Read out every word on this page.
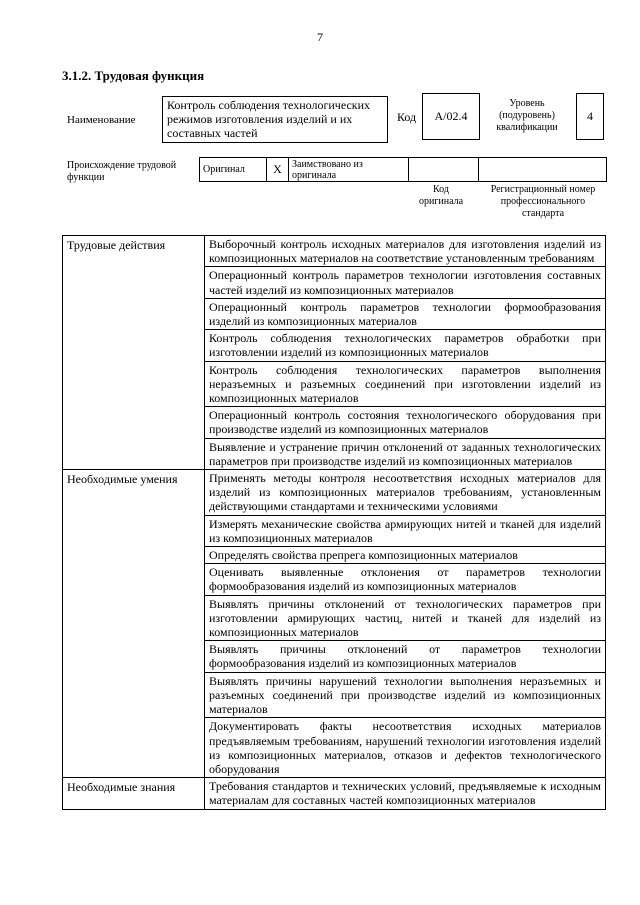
7
3.1.2. Трудовая функция
Наименование
Контроль соблюдения технологических режимов изготовления изделий и их составных частей
Код	A/02.4
Уровень (подуровень) квалификации
4
Происхождение трудовой функции
Оригинал	X	Заимствовано из оригинала		
Код оригинала
Регистрационный номер профессионального стандарта
Трудовые действия	Выборочный контроль исходных материалов для изготовления изделий из композиционных материалов на соответствие установленным требованиям
	Операционный контроль параметров технологии изготовления составных частей изделий из композиционных материалов
	Операционный контроль параметров технологии формообразования изделий из композиционных материалов
	Контроль соблюдения технологических параметров обработки при изготовлении изделий из композиционных материалов
	Контроль соблюдения технологических параметров выполнения неразъемных и разъемных соединений при изготовлении изделий из композиционных материалов
	Операционный контроль состояния технологического оборудования при производстве изделий из композиционных материалов
	Выявление и устранение причин отклонений от заданных технологических параметров при производстве изделий из композиционных материалов
Необходимые умения	Применять методы контроля несоответствия исходных материалов для изделий из композиционных материалов требованиям, установленным действующими стандартами и техническими условиями
	Измерять механические свойства армирующих нитей и тканей для изделий из композиционных материалов
	Определять свойства препрега композиционных материалов
	Оценивать выявленные отклонения от параметров технологии формообразования изделий из композиционных материалов
	Выявлять причины отклонений от технологических параметров при изготовлении армирующих частиц, нитей и тканей для изделий из композиционных материалов
	Выявлять причины отклонений от параметров технологии формообразования изделий из композиционных материалов
	Выявлять причины нарушений технологии выполнения неразъемных и разъемных соединений при производстве изделий из композиционных материалов
	Документировать факты несоответствия исходных материалов предъявляемым требованиям, нарушений технологии изготовления изделий из композиционных материалов, отказов и дефектов технологического оборудования
Необходимые знания	Требования стандартов и технических условий, предъявляемые к исходным материалам для составных частей композиционных материалов
